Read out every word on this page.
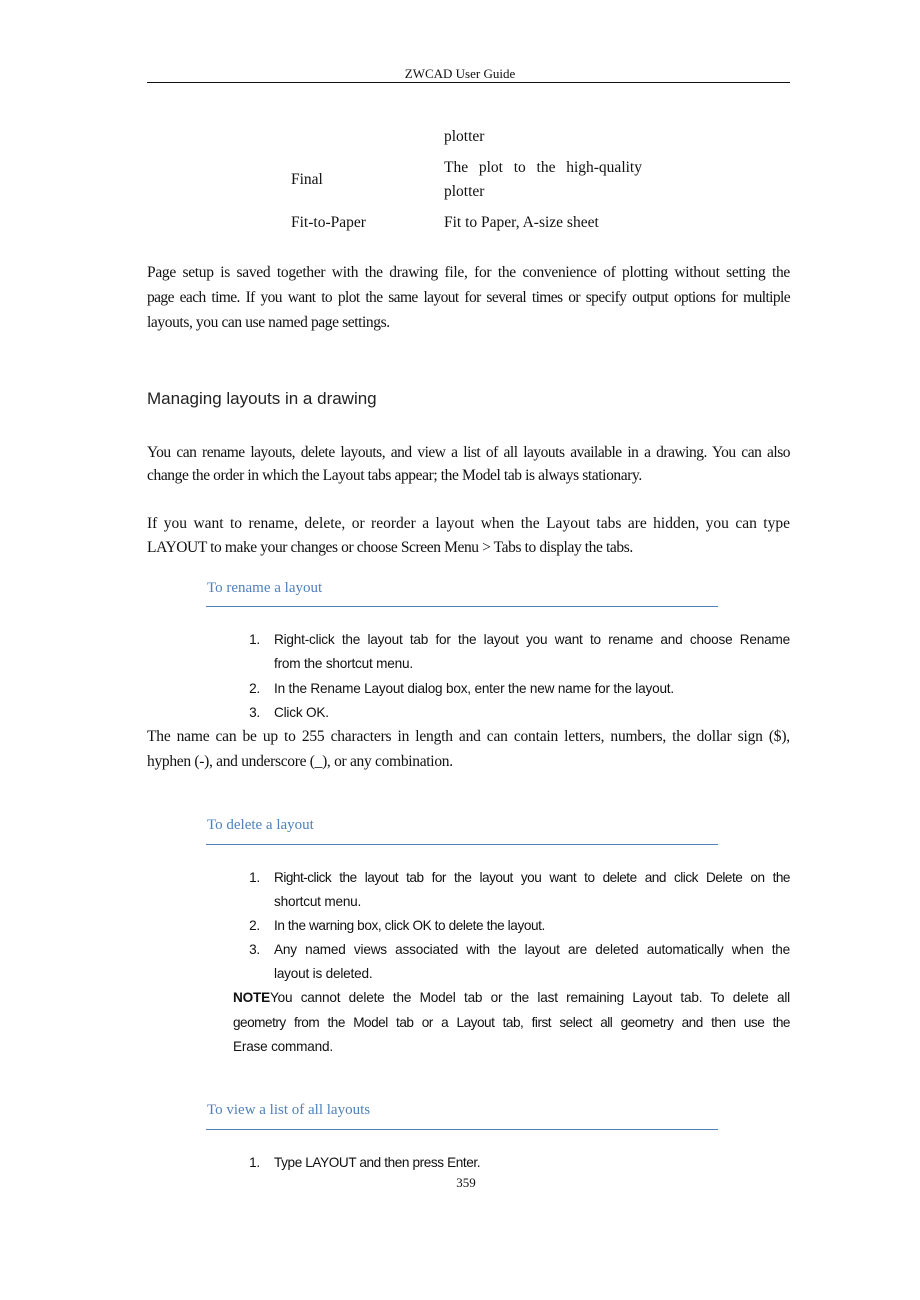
ZWCAD User Guide
plotter
Final
The plot to the high-quality
plotter
Fit-to-Paper	Fit to Paper, A-size sheet
Page setup is saved together with the drawing file, for the convenience of plotting without setting the
page each time. If you want to plot the same layout for several times or specify output options for multiple
layouts, you can use named page settings.
Managing layouts in a drawing
You can rename layouts, delete layouts, and view a list of all layouts available in a drawing. You can also
change the order in which the Layout tabs appear; the Model tab is always stationary.
If you want to rename, delete, or reorder a layout when the Layout tabs are hidden, you can type
LAYOUT to make your changes or choose Screen Menu > Tabs to display the tabs.
To rename a layout
1. Right-click the layout tab for the layout you want to rename and choose Rename
from the shortcut menu.
2. In the Rename Layout dialog box, enter the new name for the layout.
3. Click OK.
The name can be up to 255 characters in length and can contain letters, numbers, the dollar sign ($),
hyphen (-), and underscore (_), or any combination.
To delete a layout
1. Right-click the layout tab for the layout you want to delete and click Delete on the
shortcut menu.
2. In the warning box, click OK to delete the layout.
3. Any named views associated with the layout are deleted automatically when the
layout is deleted.
NOTE You cannot delete the Model tab or the last remaining Layout tab. To delete all
geometry from the Model tab or a Layout tab, first select all geometry and then use the
Erase command.
To view a list of all layouts
1. Type LAYOUT and then press Enter.
359
